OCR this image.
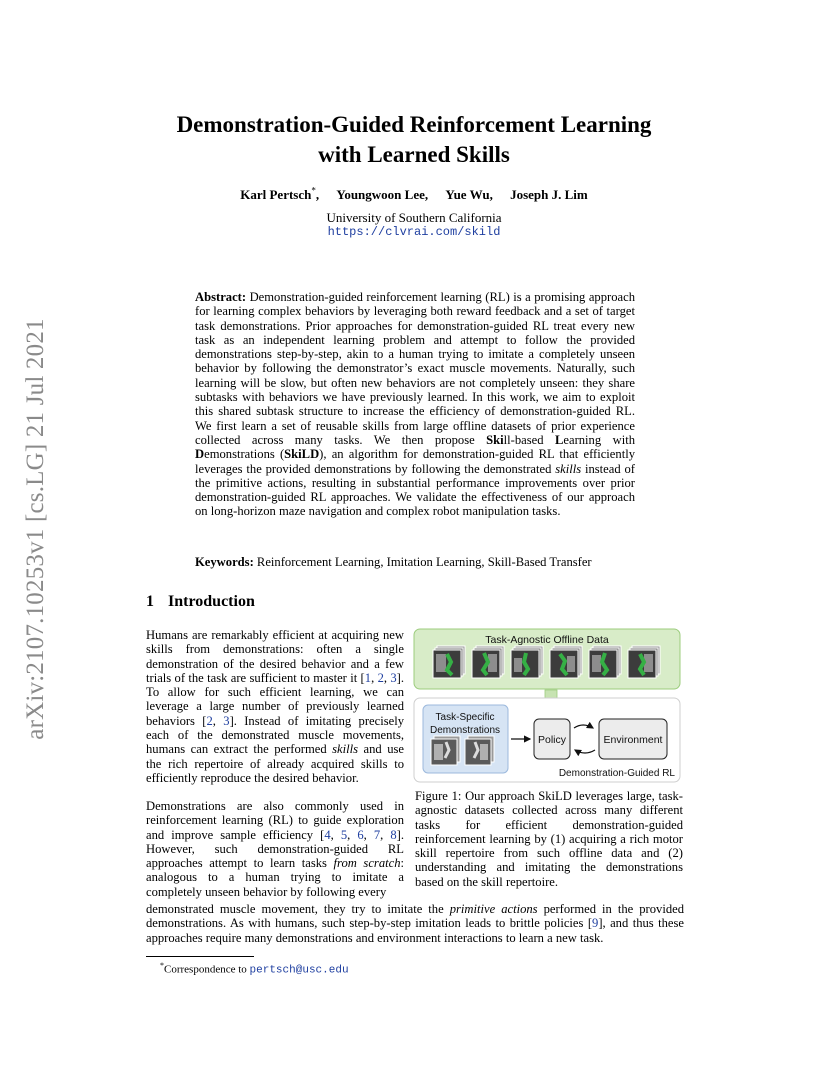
arXiv:2107.10253v1 [cs.LG] 21 Jul 2021
Demonstration-Guided Reinforcement Learning
with Learned Skills
Karl Pertsch*, Youngwoon Lee, Yue Wu, Joseph J. Lim
University of Southern California
https://clvrai.com/skild
Abstract: Demonstration-guided reinforcement learning (RL) is a promising approach for learning complex behaviors by leveraging both reward feedback and a set of target task demonstrations. Prior approaches for demonstration-guided RL treat every new task as an independent learning problem and attempt to follow the provided demonstrations step-by-step, akin to a human trying to imitate a completely unseen behavior by following the demonstrator’s exact muscle movements. Naturally, such learning will be slow, but often new behaviors are not completely unseen: they share subtasks with behaviors we have previously learned. In this work, we aim to exploit this shared subtask structure to increase the efficiency of demonstration-guided RL. We first learn a set of reusable skills from large offline datasets of prior experience collected across many tasks. We then propose Skill-based Learning with Demonstrations (SkiLD), an algorithm for demonstration-guided RL that efficiently leverages the provided demonstrations by following the demonstrated skills instead of the primitive actions, resulting in substantial performance improvements over prior demonstration-guided RL approaches. We validate the effectiveness of our approach on long-horizon maze navigation and complex robot manipulation tasks.
Keywords: Reinforcement Learning, Imitation Learning, Skill-Based Transfer
1 Introduction
Humans are remarkably efficient at acquiring new skills from demonstrations: often a single demonstration of the desired behavior and a few trials of the task are sufficient to master it [1, 2, 3]. To allow for such efficient learning, we can leverage a large number of previously learned behaviors [2, 3]. Instead of imitating precisely each of the demonstrated muscle movements, humans can extract the performed skills and use the rich repertoire of already acquired skills to efficiently reproduce the desired behavior.
Demonstrations are also commonly used in reinforcement learning (RL) to guide exploration and improve sample efficiency [4, 5, 6, 7, 8]. However, such demonstration-guided RL approaches attempt to learn tasks from scratch: analogous to a human trying to imitate a completely unseen behavior by following every
demonstrated muscle movement, they try to imitate the primitive actions performed in the provided demonstrations. As with humans, such step-by-step imitation leads to brittle policies [9], and thus these approaches require many demonstrations and environment interactions to learn a new task.
Task-Agnostic Offline Data
Task-Specific
Demonstrations
Policy	Environment
Demonstration-Guided RL
Figure 1: Our approach SkiLD leverages large, task-agnostic datasets collected across many different tasks for efficient demonstration-guided reinforcement learning by (1) acquiring a rich motor skill repertoire from such offline data and (2) understanding and imitating the demonstrations based on the skill repertoire.
*Correspondence to pertsch@usc.edu
